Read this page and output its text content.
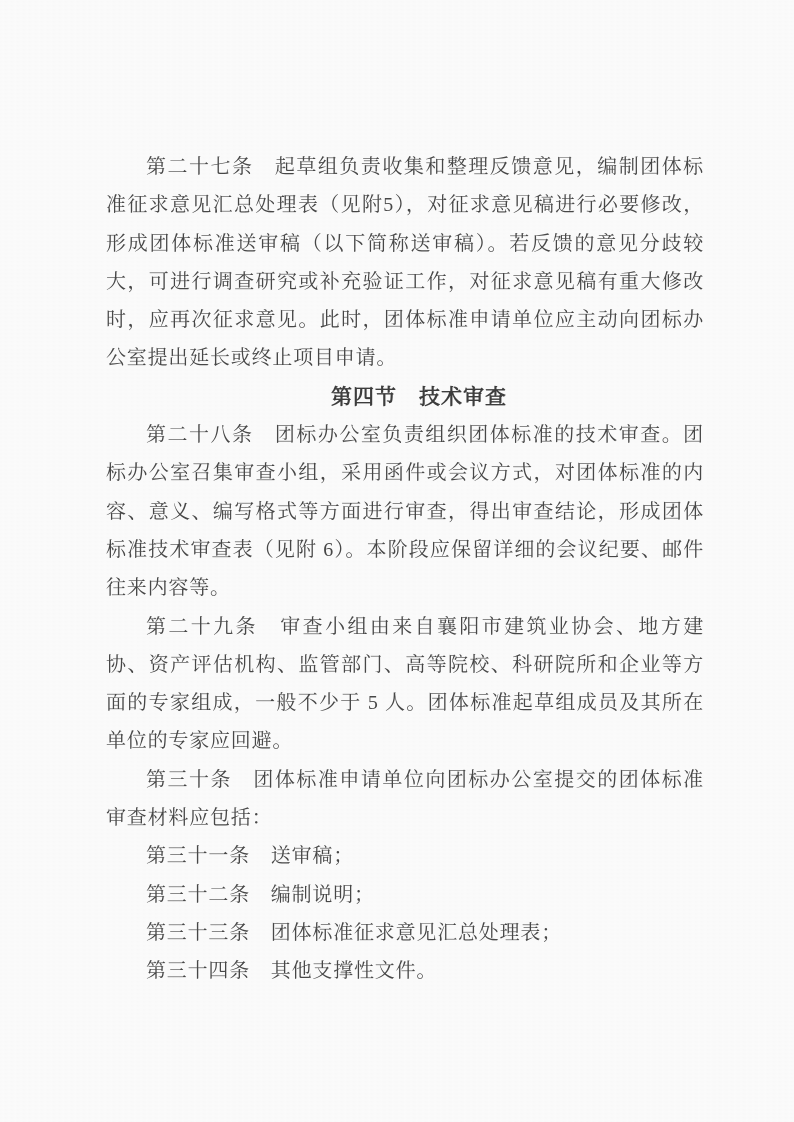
第二十七条　起草组负责收集和整理反馈意见，编制团体标准征求意见汇总处理表（见附5），对征求意见稿进行必要修改，形成团体标准送审稿（以下简称送审稿）。若反馈的意见分歧较大，可进行调查研究或补充验证工作，对征求意见稿有重大修改时，应再次征求意见。此时，团体标准申请单位应主动向团标办公室提出延长或终止项目申请。

第四节　技术审查

第二十八条　团标办公室负责组织团体标准的技术审查。团标办公室召集审查小组，采用函件或会议方式，对团体标准的内容、意义、编写格式等方面进行审查，得出审查结论，形成团体标准技术审查表（见附 6）。本阶段应保留详细的会议纪要、邮件往来内容等。

第二十九条　审查小组由来自襄阳市建筑业协会、地方建协、资产评估机构、监管部门、高等院校、科研院所和企业等方面的专家组成，一般不少于 5 人。团体标准起草组成员及其所在单位的专家应回避。

第三十条　团体标准申请单位向团标办公室提交的团体标准审查材料应包括：

第三十一条　送审稿；

第三十二条　编制说明；

第三十三条　团体标准征求意见汇总处理表；

第三十四条　其他支撑性文件。
